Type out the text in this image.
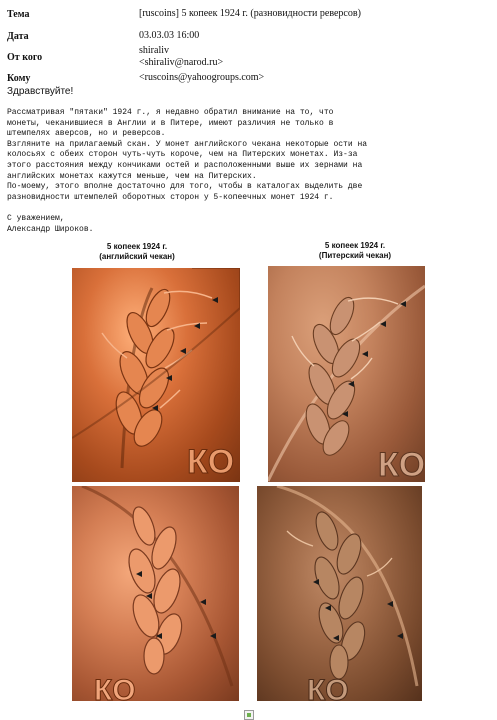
Тема	[ruscoins] 5 копеек 1924 г. (разновидности реверсов)
Дата	03.03.03 16:00
От кого	shiraliv
<shiraliv@narod.ru>

Кому	<ruscoins@yahoogroups.com>
Здравствуйте!
Рассматривая "пятаки" 1924 г., я недавно обратил внимание на то, что
монеты, чеканившиеся в Англии и в Питере, имеют различия не только в
штемпелях аверсов, но и реверсов.
Взгляните на прилагаемый скан. У монет английского чекана некоторые ости на
колосьях с обеих сторон чуть-чуть короче, чем на Питерских монетах. Из-за
этого расстояния между кончиками остей и расположенными выше их зернами на
английских монетах кажутся меньше, чем на Питерских.
По-моему, этого вполне достаточно для того, чтобы в каталогах выделить две
разновидности штемпелей оборотных сторон у 5-копеечных монет 1924 г.

С уважением,
Александр Широков.
5 копеек 1924 г.
(английский чекан)
5 копеек 1924 г.
(Питерский чекан)
КО	КО
КО	КО
